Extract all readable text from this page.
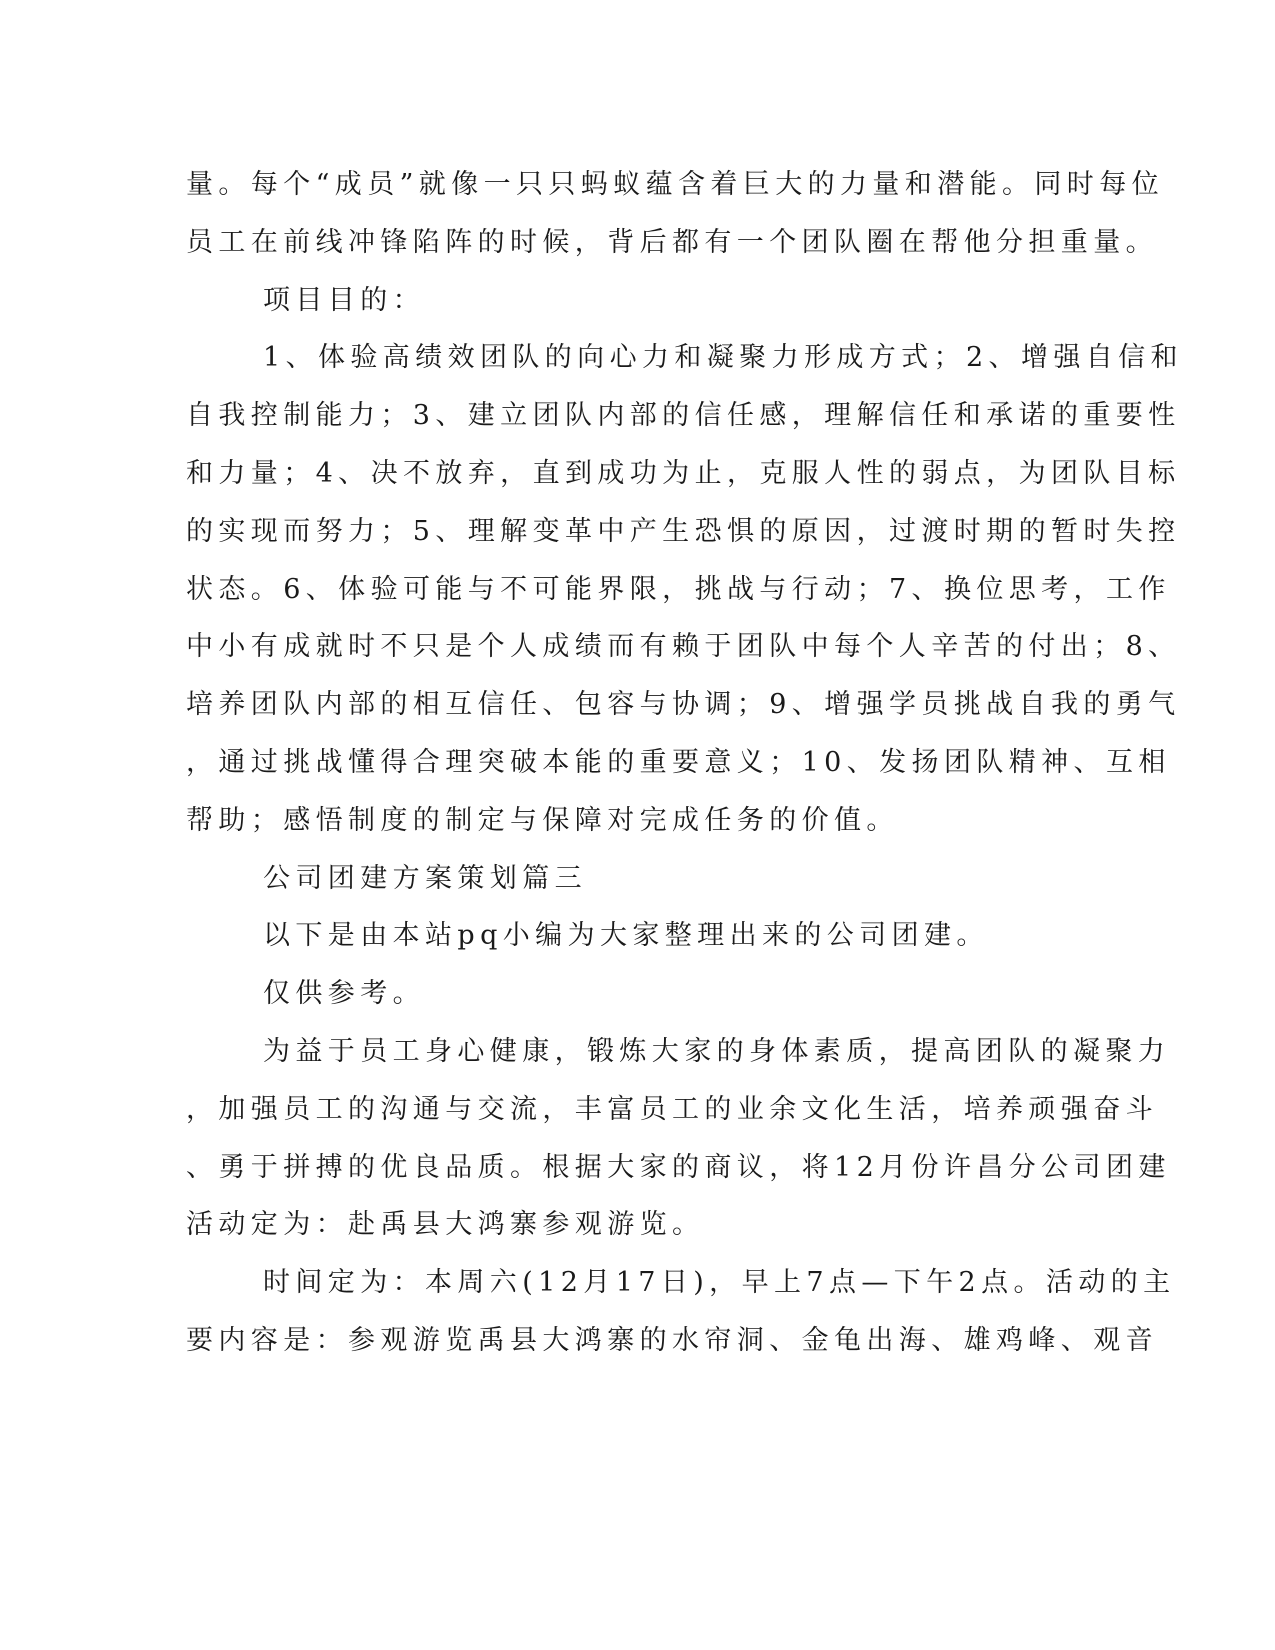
量。每个“成员”就像一只只蚂蚁蕴含着巨大的力量和潜能。同时每位
员工在前线冲锋陷阵的时候，背后都有一个团队圈在帮他分担重量。
项目目的：
1、体验高绩效团队的向心力和凝聚力形成方式；2、增强自信和
自我控制能力；3、建立团队内部的信任感，理解信任和承诺的重要性
和力量；4、决不放弃，直到成功为止，克服人性的弱点，为团队目标
的实现而努力；5、理解变革中产生恐惧的原因，过渡时期的暂时失控
状态。6、体验可能与不可能界限，挑战与行动；7、换位思考，工作
中小有成就时不只是个人成绩而有赖于团队中每个人辛苦的付出；8、
培养团队内部的相互信任、包容与协调；9、增强学员挑战自我的勇气
，通过挑战懂得合理突破本能的重要意义；10、发扬团队精神、互相
帮助；感悟制度的制定与保障对完成任务的价值。
公司团建方案策划篇三
以下是由本站pq小编为大家整理出来的公司团建。
仅供参考。
为益于员工身心健康，锻炼大家的身体素质，提高团队的凝聚力
，加强员工的沟通与交流，丰富员工的业余文化生活，培养顽强奋斗
、勇于拼搏的优良品质。根据大家的商议，将12月份许昌分公司团建
活动定为：赴禹县大鸿寨参观游览。
时间定为：本周六(12月17日)，早上7点—下午2点。活动的主
要内容是：参观游览禹县大鸿寨的水帘洞、金龟出海、雄鸡峰、观音
